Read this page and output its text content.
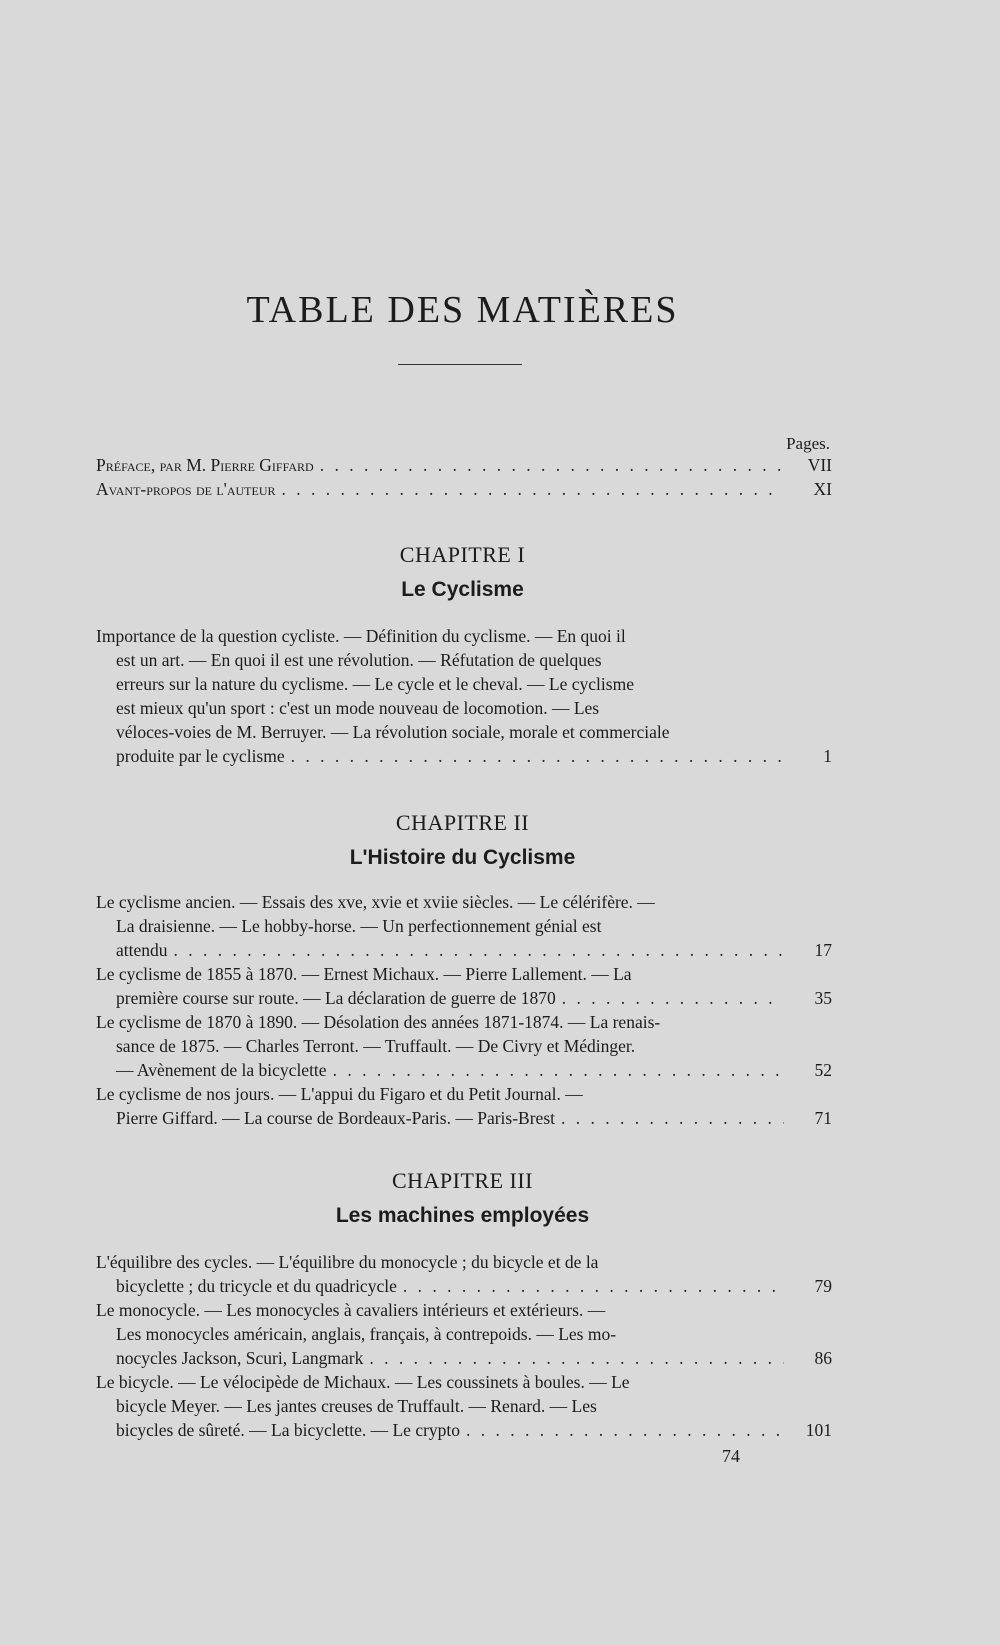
TABLE DES MATIÈRES
Pages.
Préface, par M. Pierre Giffard . . .	VII
Avant-propos de l'auteur . . .	XI
CHAPITRE I
Le Cyclisme
Importance de la question cycliste. — Définition du cyclisme. — En quoi il
est un art. — En quoi il est une révolution. — Réfutation de quelques
erreurs sur la nature du cyclisme. — Le cycle et le cheval. — Le cyclisme
est mieux qu'un sport : c'est un mode nouveau de locomotion. — Les
véloces-voies de M. Berruyer. — La révolution sociale, morale et commerciale
produite par le cyclisme . . .	1
CHAPITRE II
L'Histoire du Cyclisme
Le cyclisme ancien. — Essais des xve, xvie et xviie siècles. — Le célérifère. —
La draisienne. — Le hobby-horse. — Un perfectionnement génial est
attendu . . .	17
Le cyclisme de 1855 à 1870. — Ernest Michaux. — Pierre Lallement. — La
première course sur route. — La déclaration de guerre de 1870 . . .	35
Le cyclisme de 1870 à 1890. — Désolation des années 1871-1874. — La renais-
sance de 1875. — Charles Terront. — Truffault. — De Civry et Médinger.
— Avènement de la bicyclette . . .	52
Le cyclisme de nos jours. — L'appui du Figaro et du Petit Journal. —
Pierre Giffard. — La course de Bordeaux-Paris. — Paris-Brest . . .	71
CHAPITRE III
Les machines employées
L'équilibre des cycles. — L'équilibre du monocycle ; du bicycle et de la
bicyclette ; du tricycle et du quadricycle . . .	79
Le monocycle. — Les monocycles à cavaliers intérieurs et extérieurs. —
Les monocycles américain, anglais, français, à contrepoids. — Les mo-
nocycles Jackson, Scuri, Langmark . . .	86
Le bicycle. — Le vélocipède de Michaux. — Les coussinets à boules. — Le
bicycle Meyer. — Les jantes creuses de Truffault. — Renard. — Les
bicycles de sûreté. — La bicyclette. — Le crypto . . .	101
74
